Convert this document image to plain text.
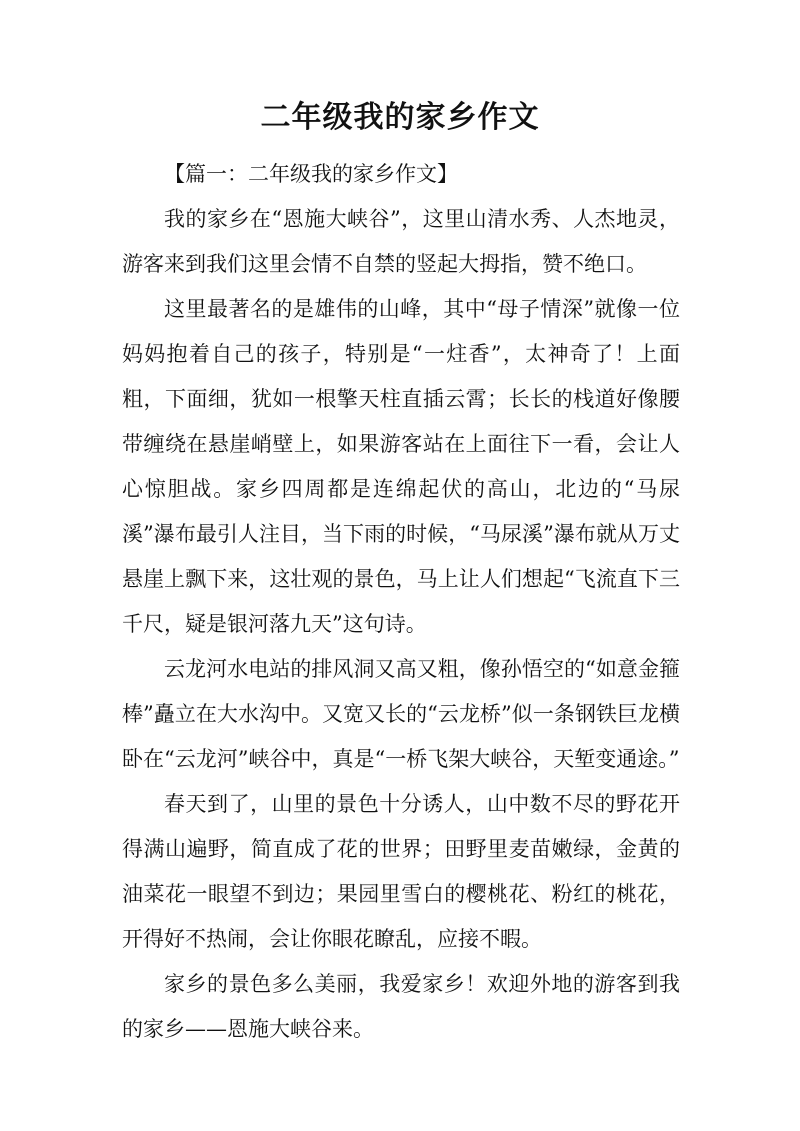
二年级我的家乡作文

【篇一：二年级我的家乡作文】

我的家乡在“恩施大峡谷”，这里山清水秀、人杰地灵，游客来到我们这里会情不自禁的竖起大拇指，赞不绝口。

这里最著名的是雄伟的山峰，其中“母子情深”就像一位妈妈抱着自己的孩子，特别是“一炷香”，太神奇了！上面粗，下面细，犹如一根擎天柱直插云霄；长长的栈道好像腰带缠绕在悬崖峭壁上，如果游客站在上面往下一看，会让人心惊胆战。家乡四周都是连绵起伏的高山，北边的“马尿溪”瀑布最引人注目，当下雨的时候，“马尿溪”瀑布就从万丈悬崖上飘下来，这壮观的景色，马上让人们想起“飞流直下三千尺，疑是银河落九天”这句诗。

云龙河水电站的排风洞又高又粗，像孙悟空的“如意金箍棒”矗立在大水沟中。又宽又长的“云龙桥”似一条钢铁巨龙横卧在“云龙河”峡谷中，真是“一桥飞架大峡谷，天堑变通途。”

春天到了，山里的景色十分诱人，山中数不尽的野花开得满山遍野，简直成了花的世界；田野里麦苗嫩绿，金黄的油菜花一眼望不到边；果园里雪白的樱桃花、粉红的桃花，开得好不热闹，会让你眼花瞭乱，应接不暇。

家乡的景色多么美丽，我爱家乡！欢迎外地的游客到我的家乡——恩施大峡谷来。
